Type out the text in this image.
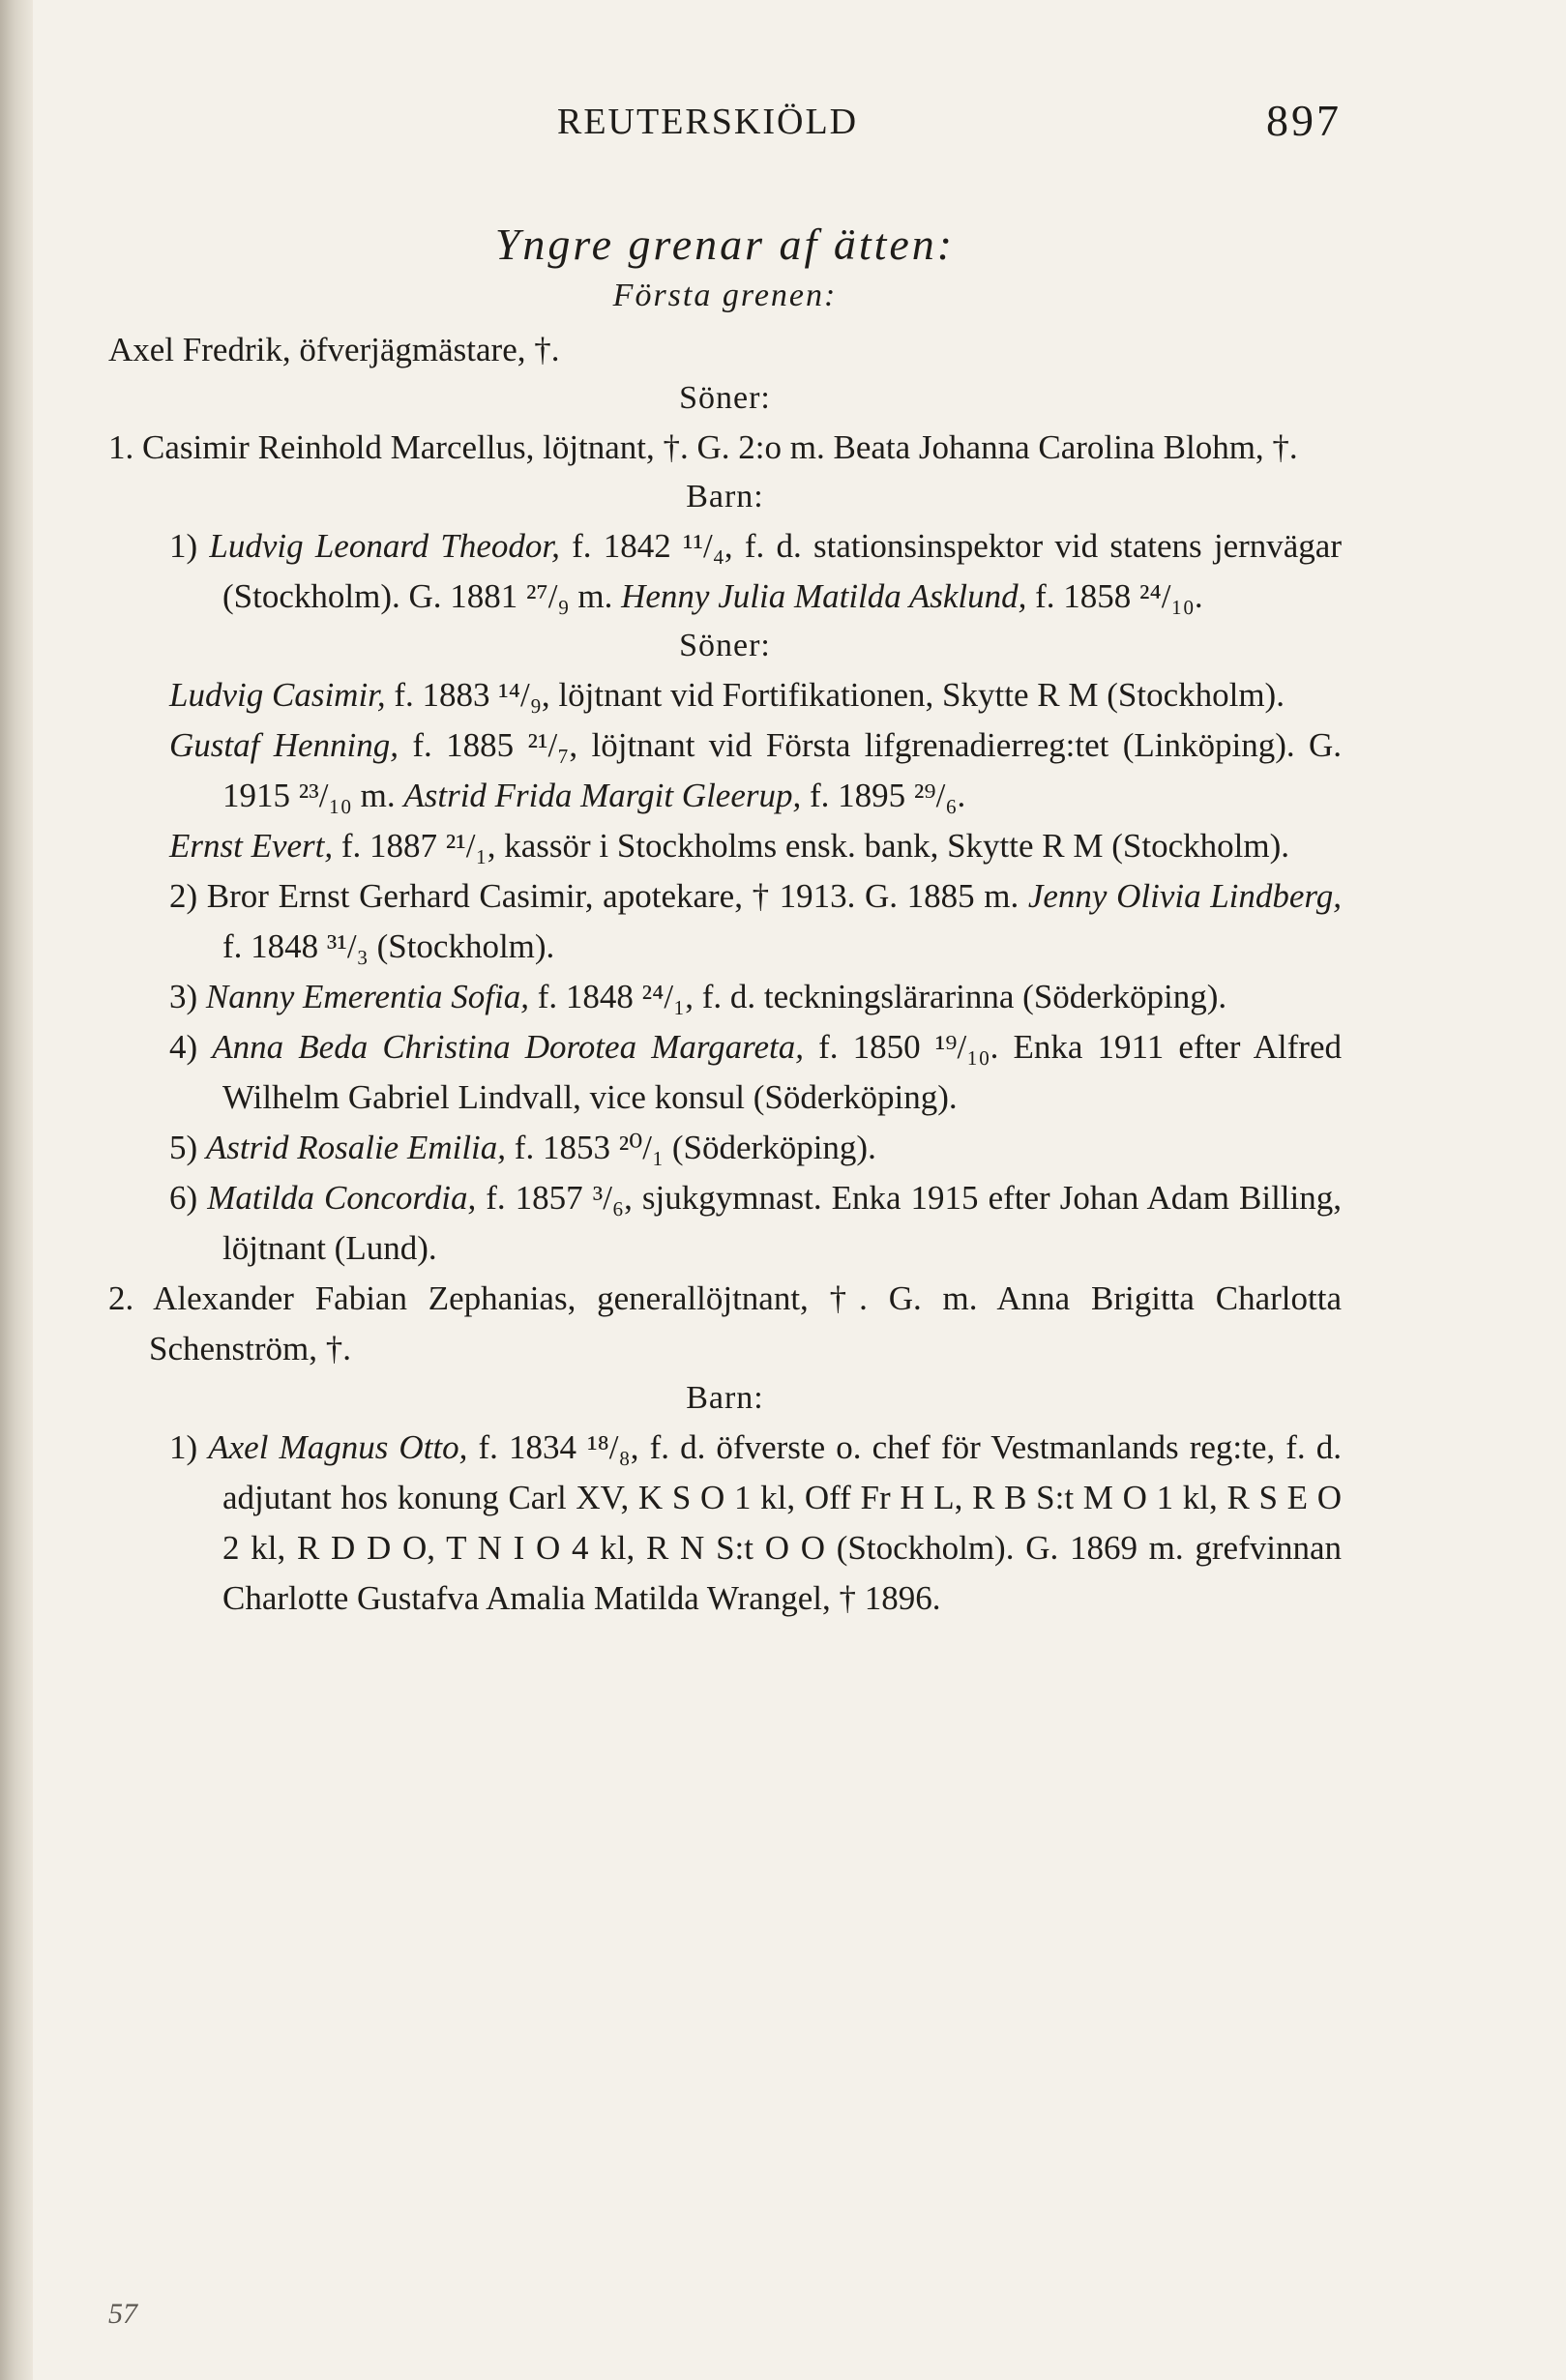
REUTERSKIÖLD	897
Yngre grenar af ätten:
Första grenen:

Axel Fredrik, öfverjägmästare, †.

Söner:

1. Casimir Reinhold Marcellus, löjtnant, †. G. 2:o m. Beata Johanna Carolina Blohm, †.

Barn:

1) Ludvig Leonard Theodor, f. 1842 ¹¹/₄, f. d. stationsinspektor vid statens jernvägar (Stockholm). G. 1881 ²⁷/₉ m. Henny Julia Matilda Asklund, f. 1858 ²⁴/₁₀.

Söner:

Ludvig Casimir, f. 1883 ¹⁴/₉, löjtnant vid Fortifikationen, Skytte R M (Stockholm).

Gustaf Henning, f. 1885 ²¹/₇, löjtnant vid Första lifgrenadierreg:tet (Linköping). G. 1915 ²³/₁₀ m. Astrid Frida Margit Gleerup, f. 1895 ²⁹/₆.

Ernst Evert, f. 1887 ²¹/₁, kassör i Stockholms ensk. bank, Skytte R M (Stockholm).

2) Bror Ernst Gerhard Casimir, apotekare, † 1913. G. 1885 m. Jenny Olivia Lindberg, f. 1848 ³¹/₃ (Stockholm).

3) Nanny Emerentia Sofia, f. 1848 ²⁴/₁, f. d. teckningslärarinna (Söderköping).

4) Anna Beda Christina Dorotea Margareta, f. 1850 ¹⁹/₁₀. Enka 1911 efter Alfred Wilhelm Gabriel Lindvall, vice konsul (Söderköping).

5) Astrid Rosalie Emilia, f. 1853 ²⁰/₁ (Söderköping).

6) Matilda Concordia, f. 1857 ³/₆, sjukgymnast. Enka 1915 efter Johan Adam Billing, löjtnant (Lund).

2. Alexander Fabian Zephanias, generallöjtnant, †. G. m. Anna Brigitta Charlotta Schenström, †.

Barn:

1) Axel Magnus Otto, f. 1834 ¹⁸/₈, f. d. öfverste o. chef för Vestmanlands reg:te, f. d. adjutant hos konung Carl XV, K S O 1 kl, Off Fr H L, R B S:t M O 1 kl, R S E O 2 kl, R D D O, T N I O 4 kl, R N S:t O O (Stockholm). G. 1869 m. grefvinnan Charlotte Gustafva Amalia Matilda Wrangel, † 1896.

57
